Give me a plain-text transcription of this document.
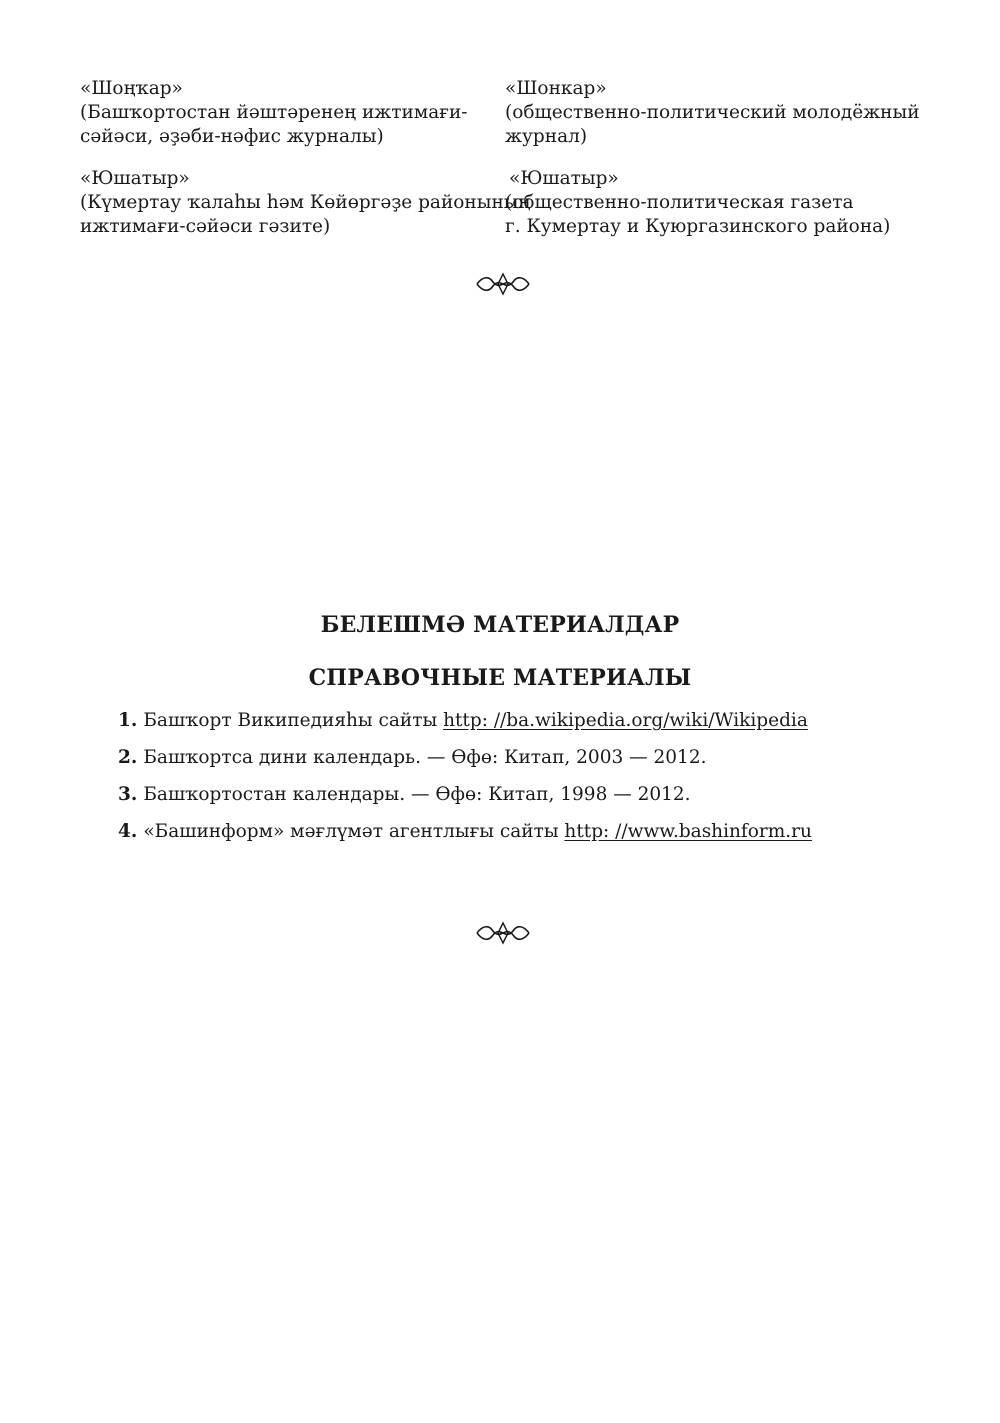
«Шоңҡар»
(Башҡортостан йәштәренең ижтимағи-
сәйәси, әҙәби-нәфис журналы)
«Шонкар»
(общественно-политический молодёжный
журнал)
«Юшатыр»
(Күмертау ҡалаһы һәм Көйөргәҙе районының
ижтимағи-сәйәси гәзите)
«Юшатыр»
(общественно-политическая газета
г. Кумертау и Куюргазинского района)
БЕЛЕШМӘ МАТЕРИАЛДАР
СПРАВОЧНЫЕ МАТЕРИАЛЫ
1. Башҡорт Википедияһы сайты http: //ba.wikipedia.org/wiki/Wikipedia
2. Башҡортса дини календарь. — Өфө: Китап, 2003 — 2012.
3. Башҡортостан календары. — Өфө: Китап, 1998 — 2012.
4. «Башинформ» мәғлүмәт агентлығы сайты http: //www.bashinform.ru
